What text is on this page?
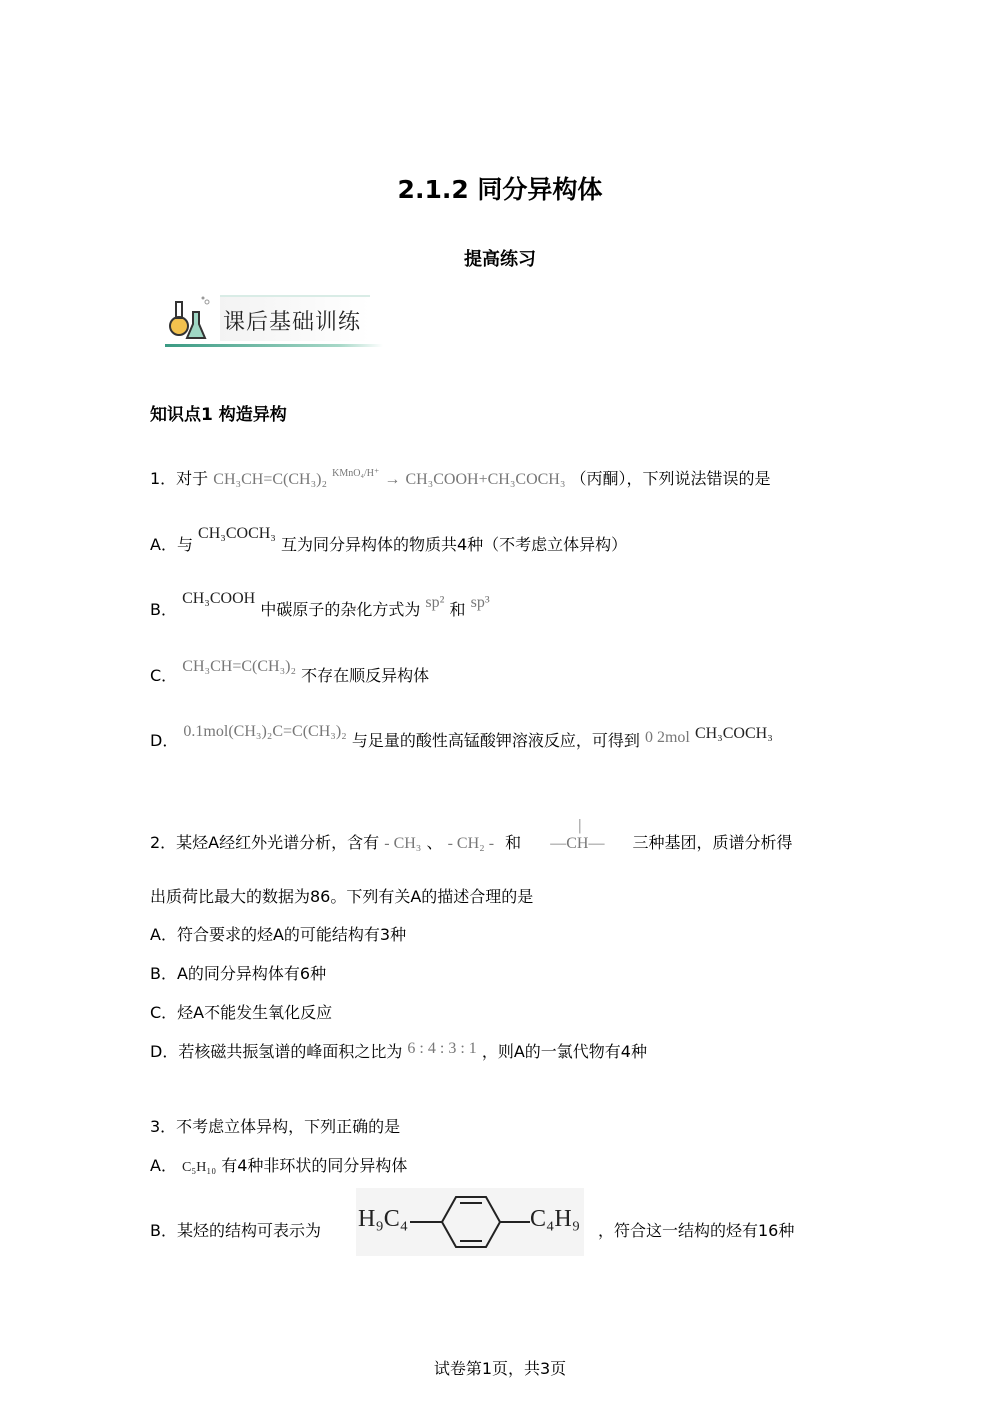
2.1.2 同分异构体
提高练习
课后基础训练
知识点1 构造异构
1．对于 CH₃CH=C(CH₃)₂ $^{KMnO_4/H^+}$ → CH₃COOH+CH₃COCH₃ （丙酮），下列说法错误的是
A．与 CH₃COCH₃ 互为同分异构体的物质共4种（不考虑立体异构）
B． CH₃COOH 中碳原子的杂化方式为 sp² 和 sp³
C． CH₃CH=C(CH₃)₂ 不存在顺反异构体
D． 0.1mol(CH₃)₂C=C(CH₃)₂ 与足量的酸性高锰酸钾溶液反应，可得到 0 2mol CH₃COCH₃
2．某烃A经红外光谱分析，含有 - CH₃ 、 - CH₂ - 和
|
—CH— 三种基团，质谱分析得
出质荷比最大的数据为86。下列有关A的描述合理的是
A．符合要求的烃A的可能结构有3种
B．A的同分异构体有6种
C．烃A不能发生氧化反应
D．若核磁共振氢谱的峰面积之比为 6 : 4 : 3 : 1 ，则A的一氯代物有4种
3．不考虑立体异构，下列正确的是
A． C₅H₁₀ 有4种非环状的同分异构体
B．某烃的结构可表示为 H₉C₄	C₄H₉ ，符合这一结构的烃有16种
试卷第1页，共3页
